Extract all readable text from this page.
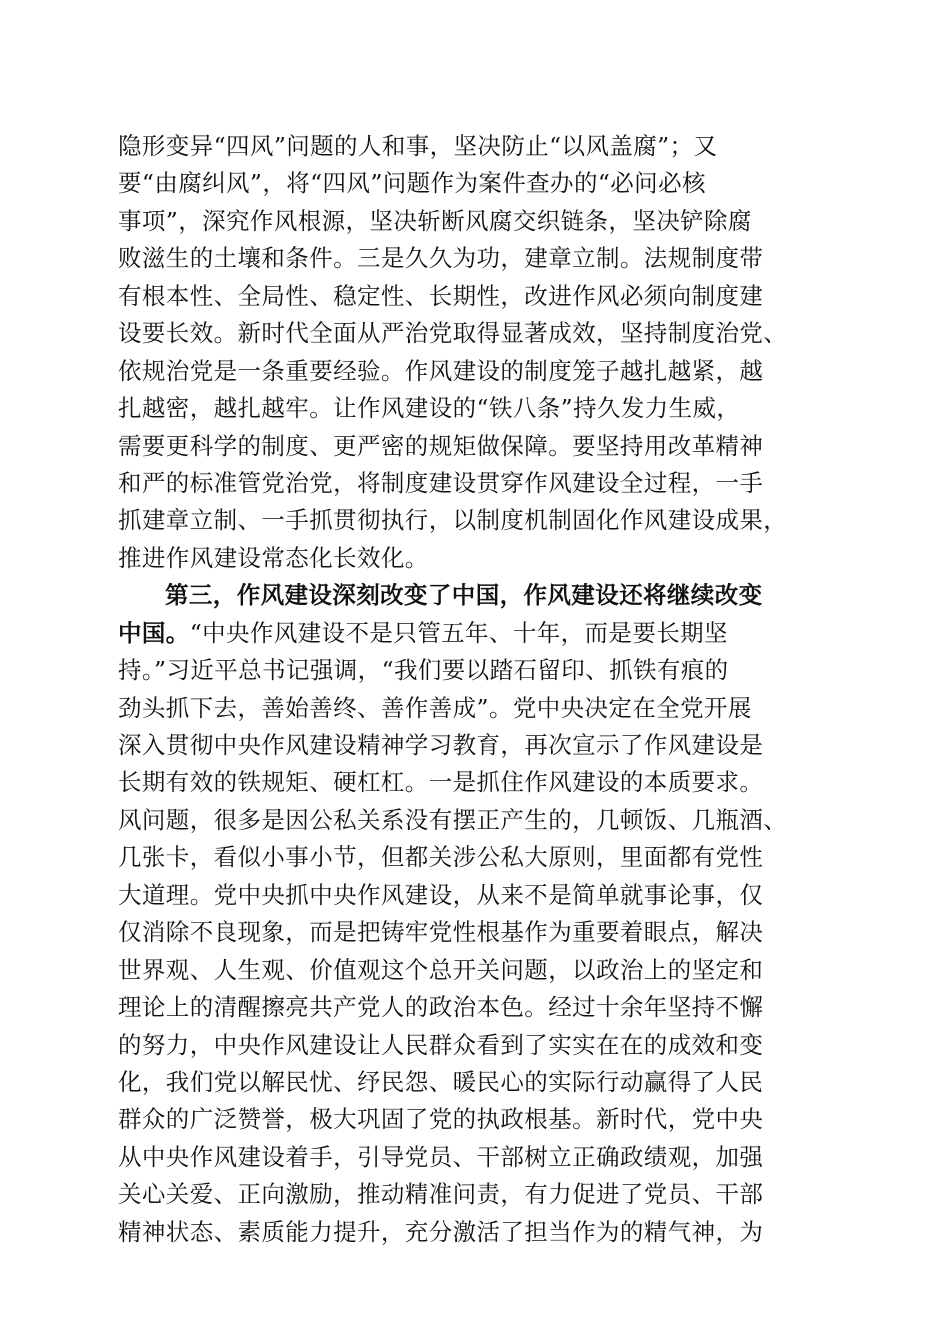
隐形变异“四风”问题的人和事，坚决防止“以风盖腐”；又
要“由腐纠风”，将“四风”问题作为案件查办的“必问必核
事项”，深究作风根源，坚决斩断风腐交织链条，坚决铲除腐
败滋生的土壤和条件。三是久久为功，建章立制。法规制度带
有根本性、全局性、稳定性、长期性，改进作风必须向制度建
设要长效。新时代全面从严治党取得显著成效，坚持制度治党、
依规治党是一条重要经验。作风建设的制度笼子越扎越紧，越
扎越密，越扎越牢。让作风建设的“铁八条”持久发力生威，
需要更科学的制度、更严密的规矩做保障。要坚持用改革精神
和严的标准管党治党，将制度建设贯穿作风建设全过程，一手
抓建章立制、一手抓贯彻执行，以制度机制固化作风建设成果，
推进作风建设常态化长效化。
第三，作风建设深刻改变了中国，作风建设还将继续改变
中国。“中央作风建设不是只管五年、十年，而是要长期坚
持。”习近平总书记强调，“我们要以踏石留印、抓铁有痕的
劲头抓下去，善始善终、善作善成”。党中央决定在全党开展
深入贯彻中央作风建设精神学习教育，再次宣示了作风建设是
长期有效的铁规矩、硬杠杠。一是抓住作风建设的本质要求。
风问题，很多是因公私关系没有摆正产生的，几顿饭、几瓶酒、
几张卡，看似小事小节，但都关涉公私大原则，里面都有党性
大道理。党中央抓中央作风建设，从来不是简单就事论事，仅
仅消除不良现象，而是把铸牢党性根基作为重要着眼点，解决
世界观、人生观、价值观这个总开关问题，以政治上的坚定和
理论上的清醒擦亮共产党人的政治本色。经过十余年坚持不懈
的努力，中央作风建设让人民群众看到了实实在在的成效和变
化，我们党以解民忧、纾民怨、暖民心的实际行动赢得了人民
群众的广泛赞誉，极大巩固了党的执政根基。新时代，党中央
从中央作风建设着手，引导党员、干部树立正确政绩观，加强
关心关爱、正向激励，推动精准问责，有力促进了党员、干部
精神状态、素质能力提升，充分激活了担当作为的精气神，为
